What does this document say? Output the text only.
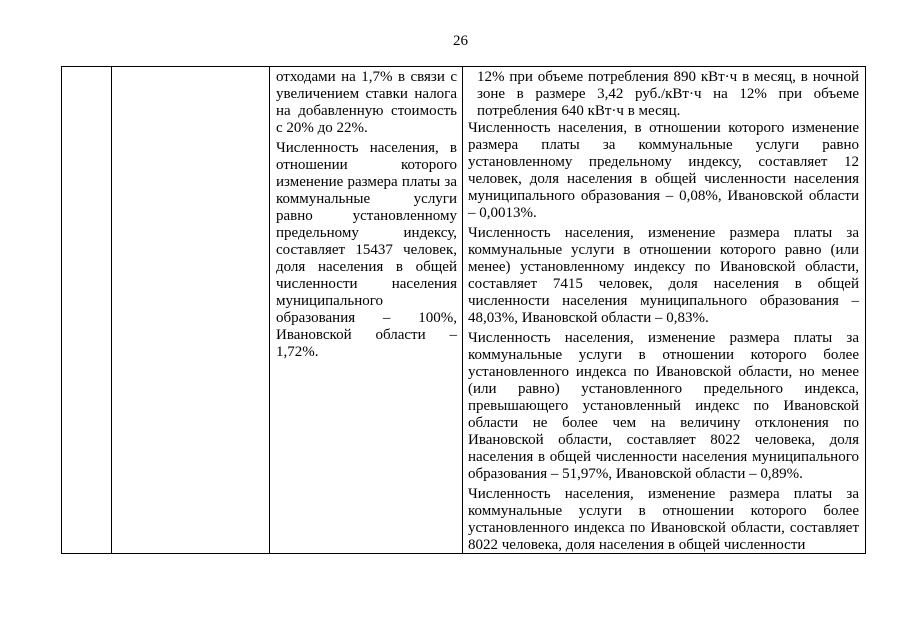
26

отходами на 1,7% в связи с увеличением ставки налога на добавленную стоимость с 20% до 22%.

Численность населения, в отношении которого изменение размера платы за коммунальные услуги равно установленному предельному индексу, составляет 15437 человек, доля населения в общей численности населения муниципального образования – 100%, Ивановской области – 1,72%.

12% при объеме потребления 890 кВт·ч в месяц, в ночной зоне в размере 3,42 руб./кВт·ч на 12% при объеме потребления 640 кВт·ч в месяц.

Численность населения, в отношении которого изменение размера платы за коммунальные услуги равно установленному предельному индексу, составляет 12 человек, доля населения в общей численности населения муниципального образования – 0,08%, Ивановской области – 0,0013%.

Численность населения, изменение размера платы за коммунальные услуги в отношении которого равно (или менее) установленному индексу по Ивановской области, составляет 7415 человек, доля населения в общей численности населения муниципального образования – 48,03%, Ивановской области – 0,83%.

Численность населения, изменение размера платы за коммунальные услуги в отношении которого более установленного индекса по Ивановской области, но менее (или равно) установленного предельного индекса, превышающего установленный индекс по Ивановской области не более чем на величину отклонения по Ивановской области, составляет 8022 человека, доля населения в общей численности населения муниципального образования – 51,97%, Ивановской области – 0,89%.

Численность населения, изменение размера платы за коммунальные услуги в отношении которого более установленного индекса по Ивановской области, составляет 8022 человека, доля населения в общей численности
